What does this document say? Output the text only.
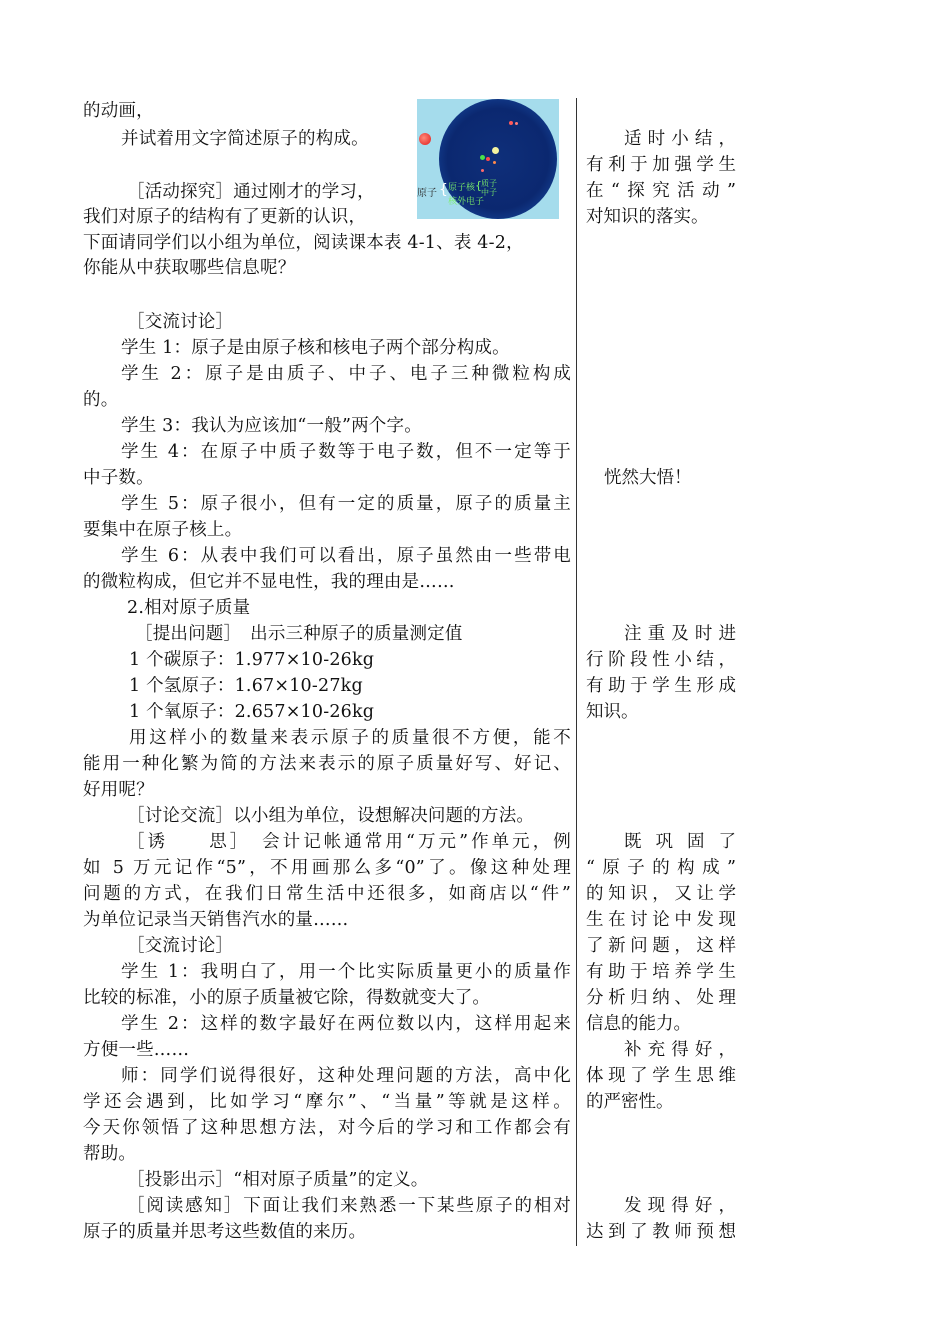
的动画，
并试着用文字简述原子的构成。
［活动探究］通过刚才的学习，
我们对原子的结构有了更新的认识，
下面请同学们以小组为单位，阅读课本表 4-1、表 4-2，
你能从中获取哪些信息呢？
［交流讨论］
学生 1：原子是由原子核和核电子两个部分构成。
学生 2：原子是由质子、中子、电子三种微粒构成
的。
学生 3：我认为应该加“一般”两个字。
学生 4：在原子中质子数等于电子数，但不一定等于
中子数。
学生 5：原子很小，但有一定的质量，原子的质量主
要集中在原子核上。
学生 6：从表中我们可以看出，原子虽然由一些带电
的微粒构成，但它并不显电性，我的理由是……
2.相对原子质量
［提出问题］　出示三种原子的质量测定值
1 个碳原子：1.977×10-26kg
1 个氢原子：1.67×10-27kg
1 个氧原子：2.657×10-26kg
用这样小的数量来表示原子的质量很不方便，能不
能用一种化繁为简的方法来表示的原子质量好写、好记、
好用呢？
［讨论交流］以小组为单位，设想解决问题的方法。
［诱　　思］　会计记帐通常用“万元”作单元，例
如 5 万元记作“5”，不用画那么多“0”了。像这种处理
问题的方式，在我们日常生活中还很多，如商店以“件”
为单位记录当天销售汽水的量……
［交流讨论］
学生 1：我明白了，用一个比实际质量更小的质量作
比较的标准，小的原子质量被它除，得数就变大了。
学生 2：这样的数字最好在两位数以内，这样用起来
方便一些……
师：同学们说得很好，这种处理问题的方法，高中化
学还会遇到，比如学习“摩尔”、“当量”等就是这样。
今天你领悟了这种思想方法，对今后的学习和工作都会有
帮助。
［投影出示］“相对原子质量”的定义。
［阅读感知］下面让我们来熟悉一下某些原子的相对
原子的质量并思考这些数值的来历。
原子 { 原子核 { 质子
中子
核外电子
适时小结，
有利于加强学生
在“探究活动”
对知识的落实。
恍然大悟！
注重及时进
行阶段性小结，
有助于学生形成
知识。
既巩固了
“原子的构成”
的知识，又让学
生在讨论中发现
了新问题，这样
有助于培养学生
分析归纳、处理
信息的能力。
补充得好，
体现了学生思维
的严密性。
发现得好，
达到了教师预想
